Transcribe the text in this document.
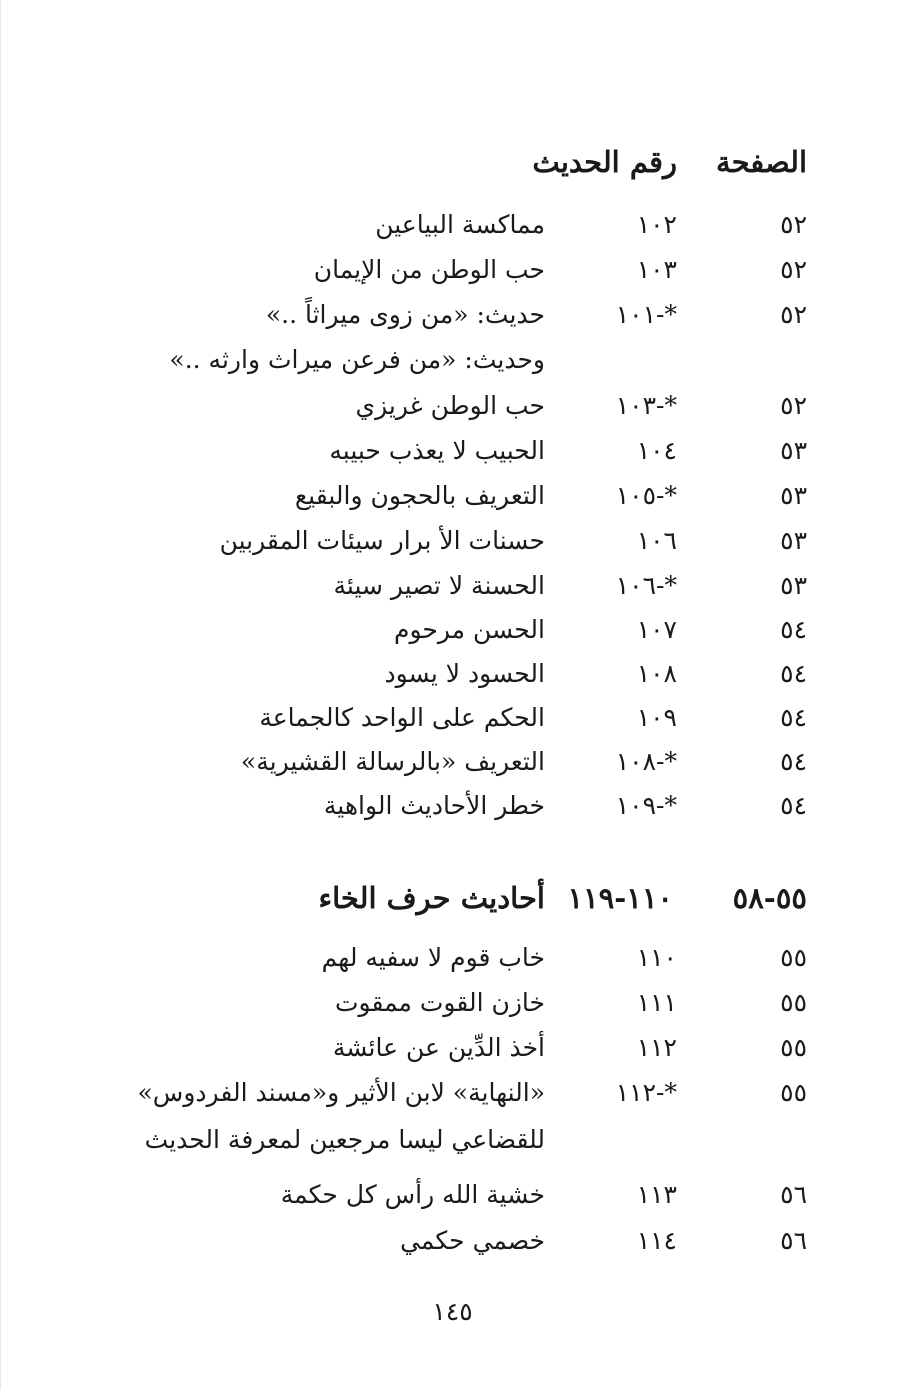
الصفحة
رقم الحديث
٥٢
١٠٢
مماكسة البياعين
٥٢
١٠٣
حب الوطن من الإيمان
٥٢
*-١٠١
حديث: «من زوى ميراثاً ..»
وحديث: «من فرعن ميراث وارثه ..»
٥٢
*-١٠٣
حب الوطن غريزي
٥٣
١٠٤
الحبيب لا يعذب حبيبه
٥٣
*-١٠٥
التعريف بالحجون والبقيع
٥٣
١٠٦
حسنات الأ برار سيئات المقربين
٥٣
*-١٠٦
الحسنة لا تصير سيئة
٥٤
١٠٧
الحسن مرحوم
٥٤
١٠٨
الحسود لا يسود
٥٤
١٠٩
الحكم على الواحد كالجماعة
٥٤
*-١٠٨
التعريف «بالرسالة القشيرية»
٥٤
*-١٠٩
خطر الأحاديث الواهية
٥٥-٥٨
١١٠-١١٩
أحاديث حرف الخاء
٥٥
١١٠
خاب قوم لا سفيه لهم
٥٥
١١١
خازن القوت ممقوت
٥٥
١١٢
أخذ الدِّين عن عائشة
٥٥
*-١١٢
«النهاية» لابن الأثير و«مسند الفردوس»
للقضاعي ليسا مرجعين لمعرفة الحديث
٥٦
١١٣
خشية الله رأس كل حكمة
٥٦
١١٤
خصمي حكمي
١٤٥
